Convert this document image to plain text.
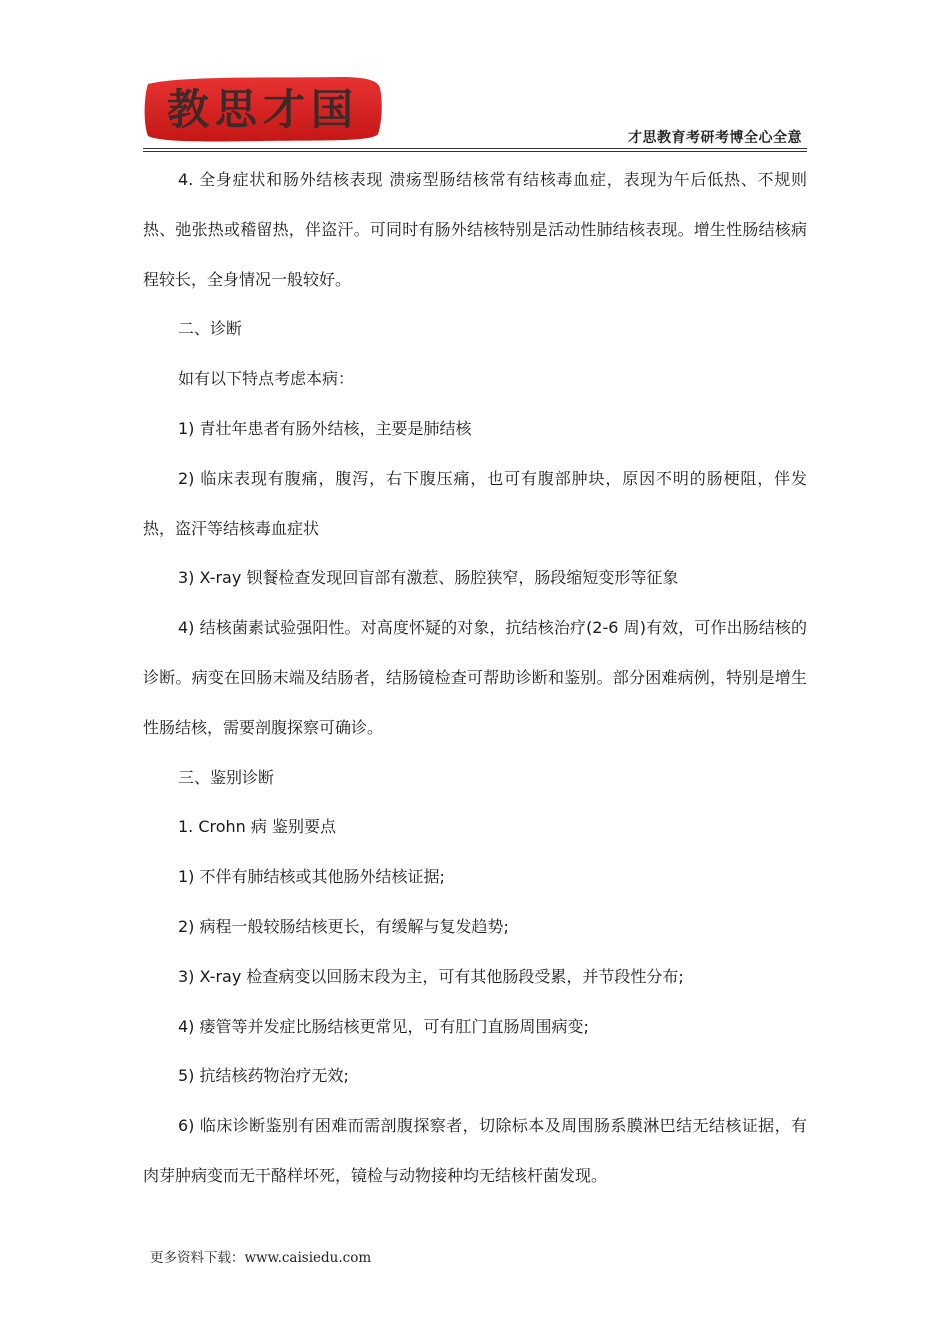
教思才国
才思教育考研考博全心全意

4. 全身症状和肠外结核表现 溃疡型肠结核常有结核毒血症，表现为午后低热、不规则热、弛张热或稽留热，伴盗汗。可同时有肠外结核特别是活动性肺结核表现。增生性肠结核病程较长，全身情况一般较好。

二、诊断

如有以下特点考虑本病：

1) 青壮年患者有肠外结核，主要是肺结核

2) 临床表现有腹痛，腹泻，右下腹压痛，也可有腹部肿块，原因不明的肠梗阻，伴发热，盗汗等结核毒血症状

3) X-ray 钡餐检查发现回盲部有激惹、肠腔狭窄，肠段缩短变形等征象

4) 结核菌素试验强阳性。对高度怀疑的对象，抗结核治疗(2-6 周)有效，可作出肠结核的诊断。病变在回肠末端及结肠者，结肠镜检查可帮助诊断和鉴别。部分困难病例，特别是增生性肠结核，需要剖腹探察可确诊。

三、鉴别诊断

1. Crohn 病 鉴别要点

1) 不伴有肺结核或其他肠外结核证据;

2) 病程一般较肠结核更长，有缓解与复发趋势;

3) X-ray 检查病变以回肠末段为主，可有其他肠段受累，并节段性分布;

4) 瘘管等并发症比肠结核更常见，可有肛门直肠周围病变;

5) 抗结核药物治疗无效;

6) 临床诊断鉴别有困难而需剖腹探察者，切除标本及周围肠系膜淋巴结无结核证据，有肉芽肿病变而无干酪样坏死，镜检与动物接种均无结核杆菌发现。

更多资料下载：www.caisiedu.com
